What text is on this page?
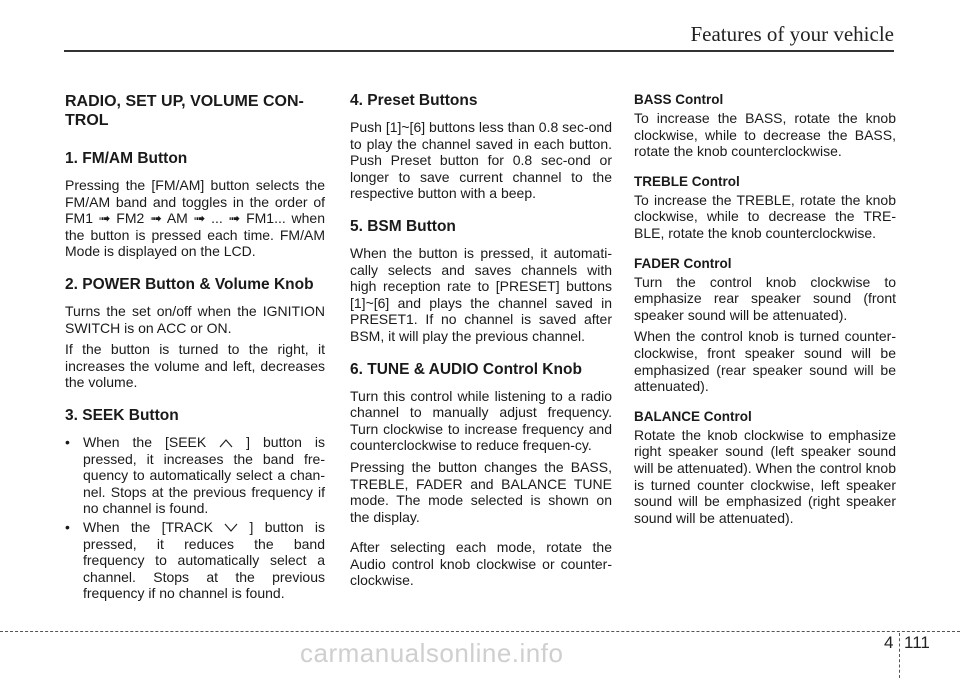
Features of your vehicle
RADIO, SET UP, VOLUME CON-TROL
1. FM/AM Button

Pressing the [FM/AM] button selects the FM/AM band and toggles in the order of FM1 ➟ FM2 ➟ AM ➟ ... ➟ FM1... when the button is pressed each time. FM/AM Mode is displayed on the LCD.

2. POWER Button & Volume Knob

Turns the set on/off when the IGNITION SWITCH is on ACC or ON.

If the button is turned to the right, it increases the volume and left, decreases the volume.

3. SEEK Button
• When the [SEEK	] button is pressed, it increases the band fre-quency to automatically select a chan-nel. Stops at the previous frequency if no channel is found.
• When the [TRACK	] button is pressed, it reduces the band frequency to automatically select a channel. Stops at the previous frequency if no channel is found.
4. Preset Buttons

Push [1]~[6] buttons less than 0.8 sec-ond to play the channel saved in each button. Push Preset button for 0.8 sec-ond or longer to save current channel to the respective button with a beep.

5. BSM Button

When the button is pressed, it automati-cally selects and saves channels with high reception rate to [PRESET] buttons [1]~[6] and plays the channel saved in PRESET1. If no channel is saved after BSM, it will play the previous channel.

6. TUNE & AUDIO Control Knob

Turn this control while listening to a radio channel to manually adjust frequency. Turn clockwise to increase frequency and counterclockwise to reduce frequen-cy.

Pressing the button changes the BASS, TREBLE, FADER and BALANCE TUNE mode. The mode selected is shown on the display.

After selecting each mode, rotate the Audio control knob clockwise or counter-clockwise.

BASS Control

To increase the BASS, rotate the knob clockwise, while to decrease the BASS, rotate the knob counterclockwise.

TREBLE Control

To increase the TREBLE, rotate the knob clockwise, while to decrease the TRE-BLE, rotate the knob counterclockwise.

FADER Control

Turn the control knob clockwise to emphasize rear speaker sound (front speaker sound will be attenuated).

When the control knob is turned counter-clockwise, front speaker sound will be emphasized (rear speaker sound will be attenuated).

BALANCE Control

Rotate the knob clockwise to emphasize right speaker sound (left speaker sound will be attenuated). When the control knob is turned counter clockwise, left speaker sound will be emphasized (right speaker sound will be attenuated).

4 111
carmanualsonline.info
